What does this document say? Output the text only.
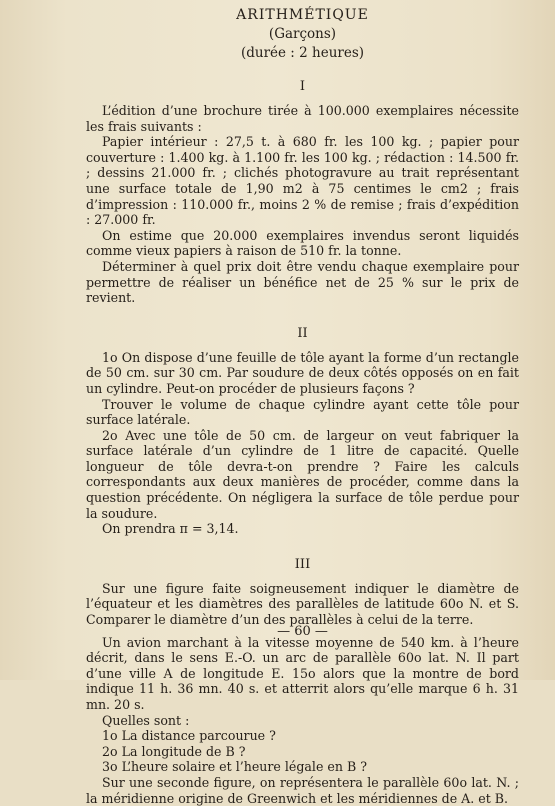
ARITHMÉTIQUE
(Garçons)
(durée : 2 heures)
I

L’édition d’une brochure tirée à 100.000 exemplaires nécessite les frais suivants :

Papier intérieur : 27,5 t. à 680 fr. les 100 kg. ; papier pour couverture : 1.400 kg. à 1.100 fr. les 100 kg. ; rédaction : 14.500 fr. ; dessins 21.000 fr. ; clichés photogravure au trait représentant une surface totale de 1,90 m2 à 75 centimes le cm2 ; frais d’impression : 110.000 fr., moins 2 % de remise ; frais d’expédition : 27.000 fr.

On estime que 20.000 exemplaires invendus seront liquidés comme vieux papiers à raison de 510 fr. la tonne.

Déterminer à quel prix doit être vendu chaque exemplaire pour permettre de réaliser un bénéfice net de 25 % sur le prix de revient.

II

1o On dispose d’une feuille de tôle ayant la forme d’un rectangle de 50 cm. sur 30 cm. Par soudure de deux côtés opposés on en fait un cylindre. Peut-on procéder de plusieurs façons ?

Trouver le volume de chaque cylindre ayant cette tôle pour surface latérale.

2o Avec une tôle de 50 cm. de largeur on veut fabriquer la surface latérale d’un cylindre de 1 litre de capacité. Quelle longueur de tôle devra-t-on prendre ? Faire les calculs correspondants aux deux manières de procéder, comme dans la question précédente. On négligera la surface de tôle perdue pour la soudure.

On prendra π = 3,14.

III

Sur une figure faite soigneusement indiquer le diamètre de l’équateur et les diamètres des parallèles de latitude 60o N. et S. Comparer le diamètre d’un des parallèles à celui de la terre.

Un avion marchant à la vitesse moyenne de 540 km. à l’heure décrit, dans le sens E.-O. un arc de parallèle 60o lat. N. Il part d’une ville A de longitude E. 15o alors que la montre de bord indique 11 h. 36 mn. 40 s. et atterrit alors qu’elle marque 6 h. 31 mn. 20 s.

Quelles sont :

1o La distance parcourue ?

2o La longitude de B ?

3o L’heure solaire et l’heure légale en B ?

Sur une seconde figure, on représentera le parallèle 60o lat. N. ; la méridienne origine de Greenwich et les méridiennes de A. et B.

— 60 —
